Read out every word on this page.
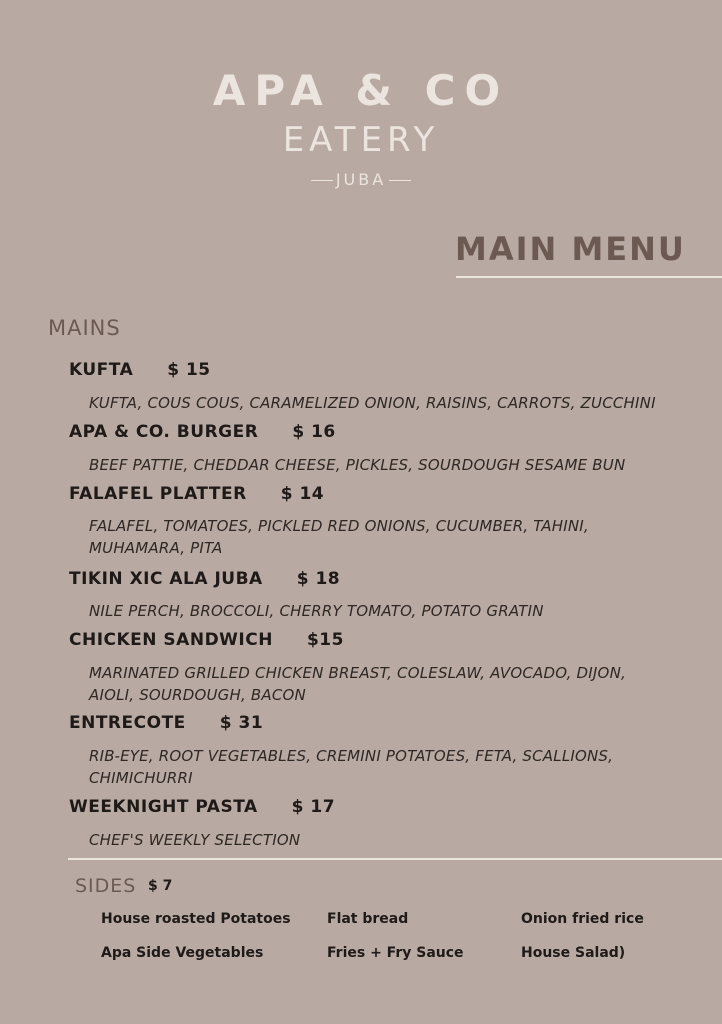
APA & CO
EATERY
JUBA
MAIN MENU
MAINS
KUFTA $ 15
KUFTA, COUS COUS, CARAMELIZED ONION, RAISINS, CARROTS, ZUCCHINI
APA & CO. BURGER $ 16
BEEF PATTIE, CHEDDAR CHEESE, PICKLES, SOURDOUGH SESAME BUN
FALAFEL PLATTER $ 14
FALAFEL, TOMATOES, PICKLED RED ONIONS, CUCUMBER, TAHINI, MUHAMARA, PITA
TIKIN XIC ALA JUBA $ 18
NILE PERCH, BROCCOLI, CHERRY TOMATO, POTATO GRATIN
CHICKEN SANDWICH $15
MARINATED GRILLED CHICKEN BREAST, COLESLAW, AVOCADO, DIJON, AIOLI, SOURDOUGH, BACON
ENTRECOTE $ 31
RIB-EYE, ROOT VEGETABLES, CREMINI POTATOES, FETA, SCALLIONS, CHIMICHURRI
WEEKNIGHT PASTA $ 17
CHEF'S WEEKLY SELECTION
SIDES $ 7
House roasted Potatoes	Flat bread	Onion fried rice
Apa Side Vegetables	Fries + Fry Sauce	House Salad)
